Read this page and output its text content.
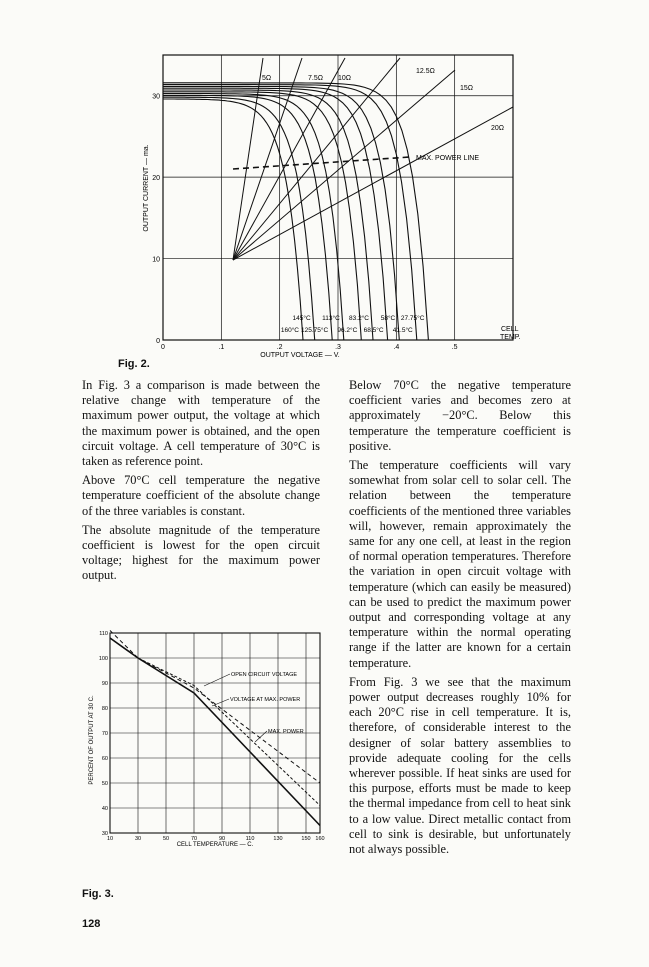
0	.1	.2	.3	.4	.5
0
10
20
30
160°C
145°C
125.75°C
113°C
96.2°C
83.2°C
68.5°C
58°C
41.5°C
27.75°C
5Ω	7.5Ω 10Ω
12.5Ω
15Ω
20Ω
CELL
TEMP.
MAX. POWER LINE
OUTPUT VOLTAGE — V.
OUTPUT CURRENT — ma.
Fig. 2.

In Fig. 3 a comparison is made between the relative change with temperature of the maximum power output, the voltage at which the maximum power is obtained, and the open circuit voltage. A cell temperature of 30°C is taken as reference point.

Above 70°C cell temperature the negative temperature coefficient of the absolute change of the three variables is constant.

The absolute magnitude of the temperature coefficient is lowest for the open circuit voltage; highest for the maximum power output.

Below 70°C the negative temperature coefficient varies and becomes zero at approximately −20°C. Below this temperature the temperature coefficient is positive.

The temperature coefficients will vary somewhat from solar cell to solar cell. The relation between the temperature coefficients of the mentioned three variables will, however, remain approximately the same for any one cell, at least in the region of normal operation temperatures. Therefore the variation in open circuit voltage with temperature (which can easily be measured) can be used to predict the maximum power output and corresponding voltage at any temperature within the normal operating range if the latter are known for a certain temperature.

From Fig. 3 we see that the maximum power output decreases roughly 10% for each 20°C rise in cell temperature. It is, therefore, of considerable interest to the designer of solar battery assemblies to provide adequate cooling for the cells wherever possible. If heat sinks are used for this purpose, efforts must be made to keep the thermal impedance from cell to heat sink to a low value. Direct metallic contact from cell to sink is desirable, but unfortunately not always possible.

10	30	50	70	90	110	130	150 160
30
40
50
60
70
80
90
100
110
CELL TEMPERATURE — C.
PERCENT OF OUTPUT AT 30 C.
OPEN CIRCUIT VOLTAGE
VOLTAGE AT MAX. POWER
MAX. POWER
Fig. 3.
128
